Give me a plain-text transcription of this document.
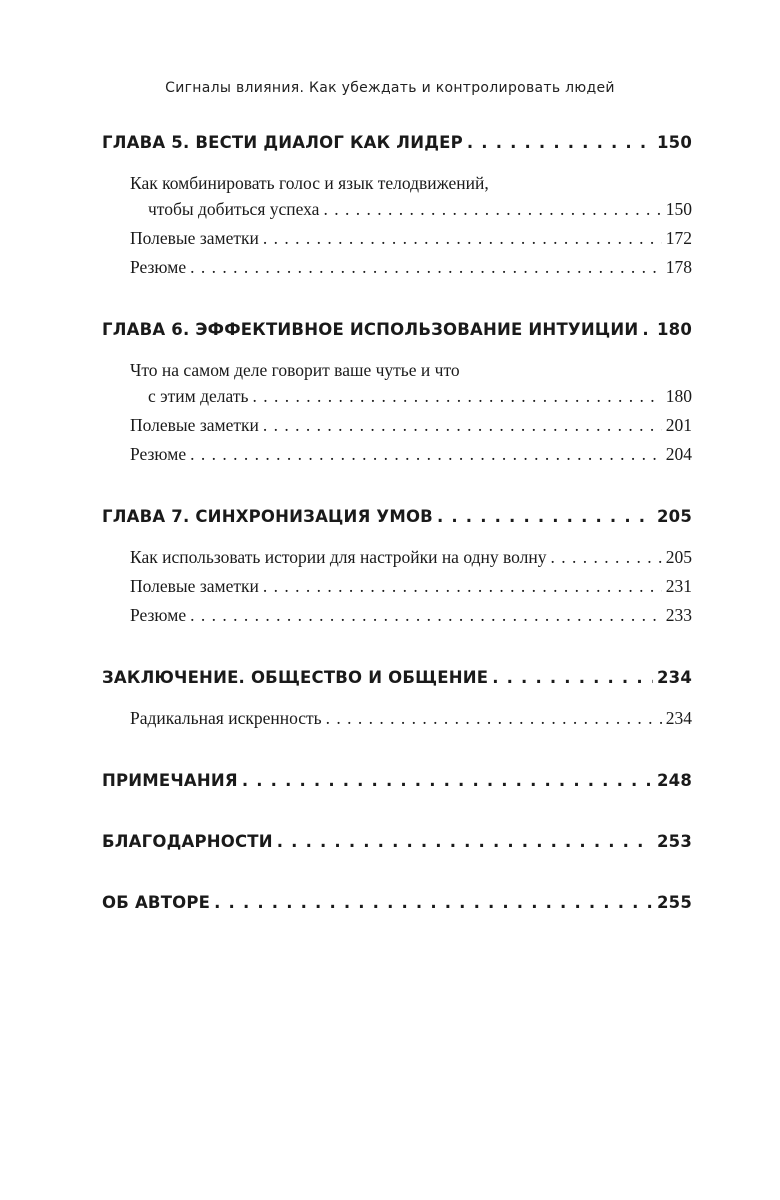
Сигналы влияния. Как убеждать и контролировать людей
ГЛАВА 5. ВЕСТИ ДИАЛОГ КАК ЛИДЕР . . .	150
Как комбинировать голос и язык телодвижений,
чтобы добиться успеха . . .	150
Полевые заметки . . .	172
Резюме . . .	178
ГЛАВА 6. ЭФФЕКТИВНОЕ ИСПОЛЬЗОВАНИЕ ИНТУИЦИИ . . . 180
Что на самом деле говорит ваше чутье и что
с этим делать . . .	180
Полевые заметки . . .	201
Резюме . . .	204
ГЛАВА 7. СИНХРОНИЗАЦИЯ УМОВ . . .	205
Как использовать истории для настройки на одну волну . . .	205
Полевые заметки . . .	231
Резюме . . .	233
ЗАКЛЮЧЕНИЕ. ОБЩЕСТВО И ОБЩЕНИЕ . . .	234
Радикальная искренность . . .	234
ПРИМЕЧАНИЯ . . .	248
БЛАГОДАРНОСТИ . . .	253
ОБ АВТОРЕ . . .	255
